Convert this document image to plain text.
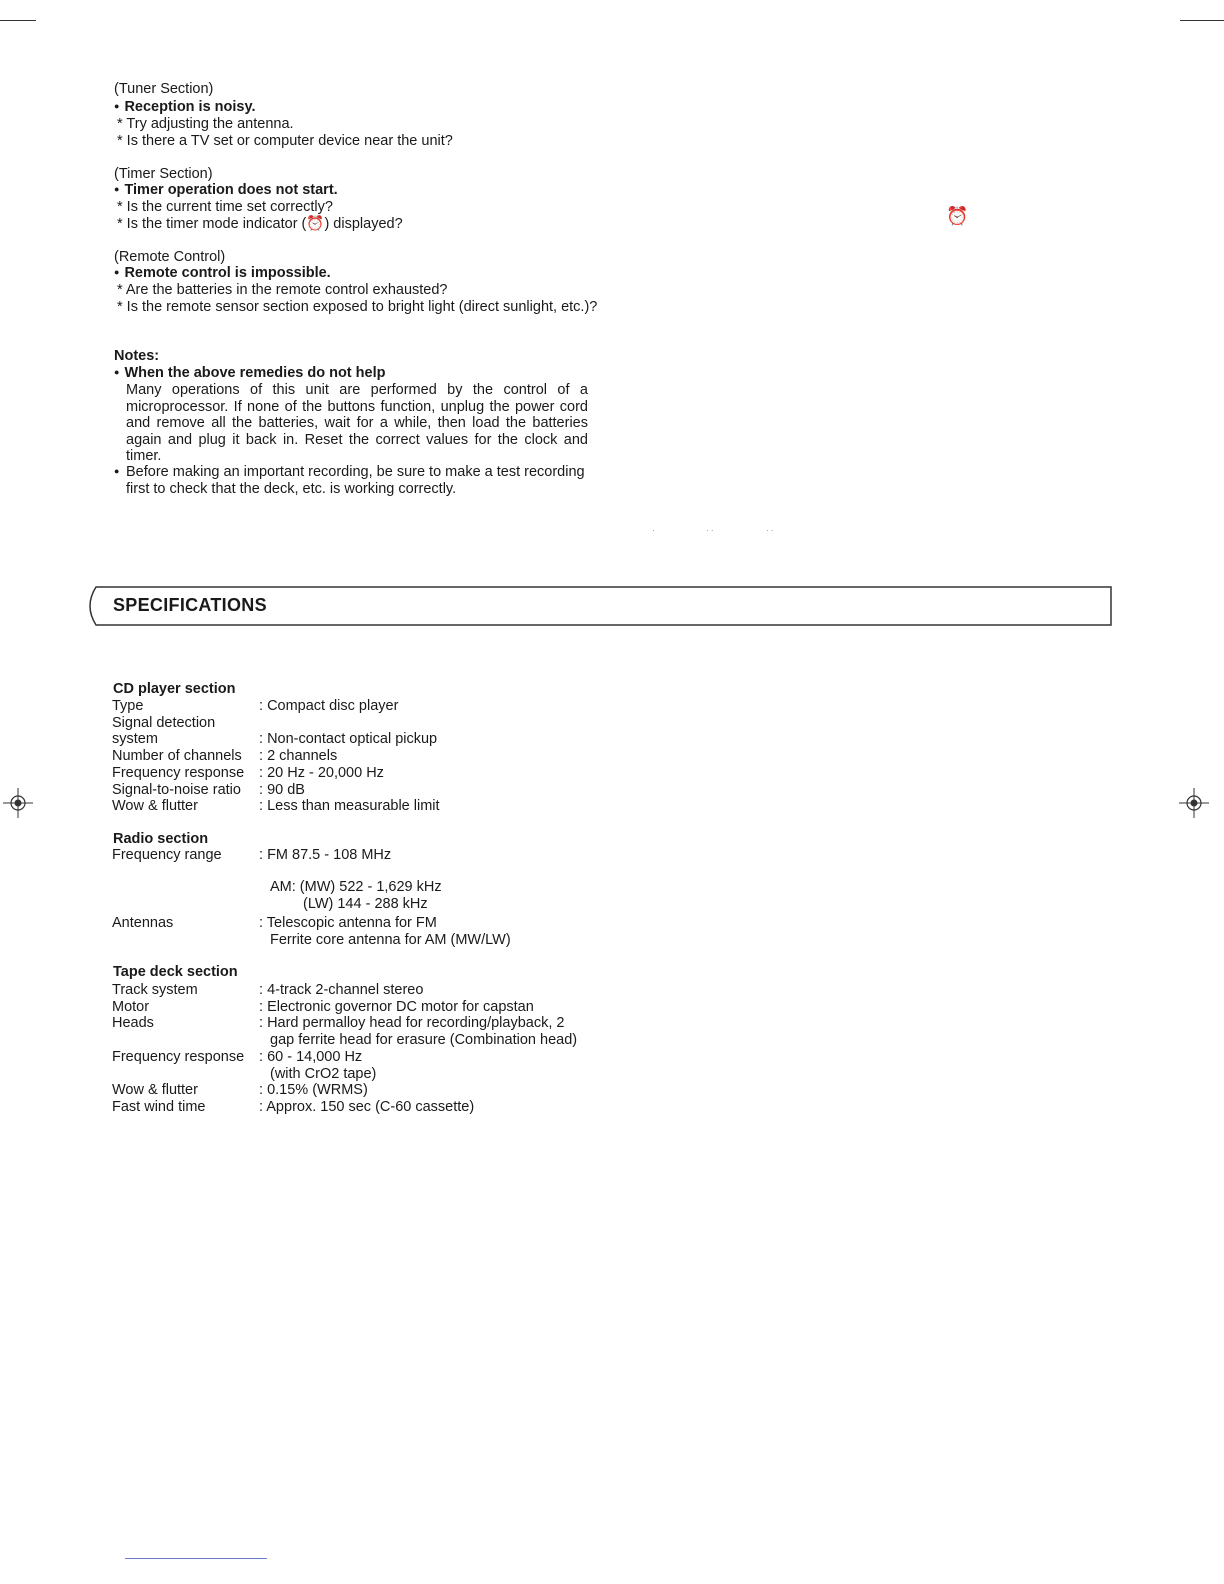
(Tuner Section)
● Reception is noisy.
* Try adjusting the antenna.
* Is there a TV set or computer device near the unit?
(Timer Section)
● Timer operation does not start.
* Is the current time set correctly?
* Is the timer mode indicator (⏰) displayed?	⏰
(Remote Control)
● Remote control is impossible.
* Are the batteries in the remote control exhausted?
* Is the remote sensor section exposed to bright light (direct sunlight, etc.)?
Notes:
● When the above remedies do not help
Many operations of this unit are performed by the control of a microprocessor. If none of the buttons function, unplug the power cord and remove all the batteries, wait for a while, then load the batteries again and plug it back in. Reset the correct values for the clock and timer.
● Before making an important recording, be sure to make a test recording first to check that the deck, etc. is working correctly.
·	· ·	· ·
SPECIFICATIONS
CD player section
Type	: Compact disc player
Signal detection
system	: Non-contact optical pickup
Number of channels	: 2 channels
Frequency response	: 20 Hz - 20,000 Hz
Signal-to-noise ratio	: 90 dB
Wow & flutter	: Less than measurable limit
Radio section
Frequency range	: FM 87.5 - 108 MHz
AM: (MW) 522 - 1,629 kHz
(LW) 144 - 288 kHz
Antennas	: Telescopic antenna for FM
Ferrite core antenna for AM (MW/LW)
Tape deck section
Track system	: 4-track 2-channel stereo
Motor	: Electronic governor DC motor for capstan
Heads	: Hard permalloy head for recording/playback, 2
gap ferrite head for erasure (Combination head)
Frequency response	: 60 - 14,000 Hz
(with CrO2 tape)
Wow & flutter	: 0.15% (WRMS)
Fast wind time	: Approx. 150 sec (C-60 cassette)
